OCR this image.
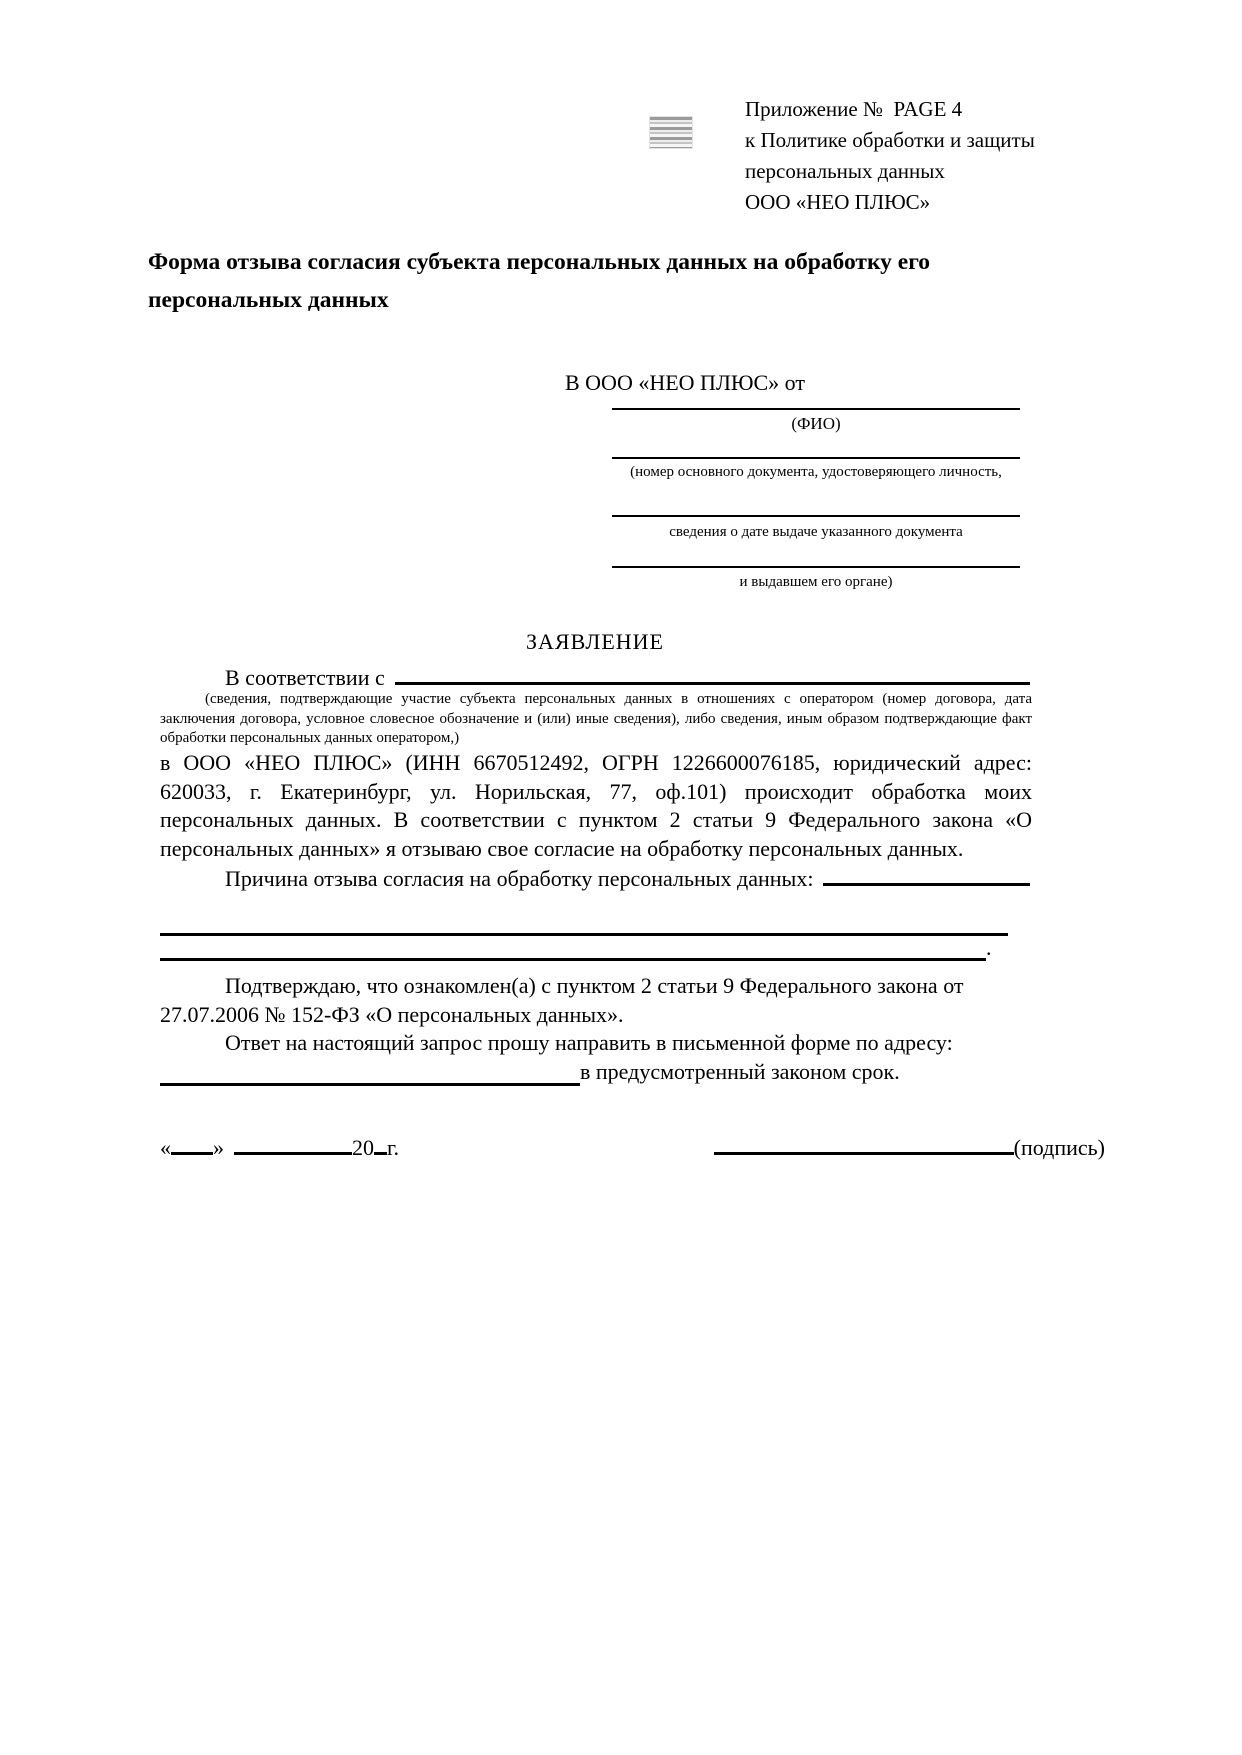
Приложение №  PAGE 4
к Политике обработки и защиты
персональных данных
ООО «НЕО ПЛЮС»
Форма отзыва согласия субъекта персональных данных на обработку его
персональных данных
В ООО «НЕО ПЛЮС» от
(ФИО)
(номер основного документа, удостоверяющего личность,
сведения о дате выдаче указанного документа
и выдавшем его органе)
ЗАЯВЛЕНИЕ
В соответствии с
(сведения, подтверждающие участие субъекта персональных данных в отношениях с оператором (номер договора, дата
заключения договора, условное словесное обозначение и (или) иные сведения), либо сведения, иным образом подтверждающие факт
обработки персональных данных оператором,)
в ООО «НЕО ПЛЮС» (ИНН 6670512492, ОГРН 1226600076185, юридический адрес:
620033, г. Екатеринбург, ул. Норильская, 77, оф.101) происходит обработка моих
персональных данных. В соответствии с пунктом 2 статьи 9 Федерального закона «О
персональных данных» я отзываю свое согласие на обработку персональных данных.
Причина отзыва согласия на обработку персональных данных:
.
Подтверждаю, что ознакомлен(а) с пунктом 2 статьи 9 Федерального закона от
27.07.2006 № 152-ФЗ «О персональных данных».
Ответ на настоящий запрос прошу направить в письменной форме по адресу:
в предусмотренный законом срок.
« »	20 г.	(подпись)
